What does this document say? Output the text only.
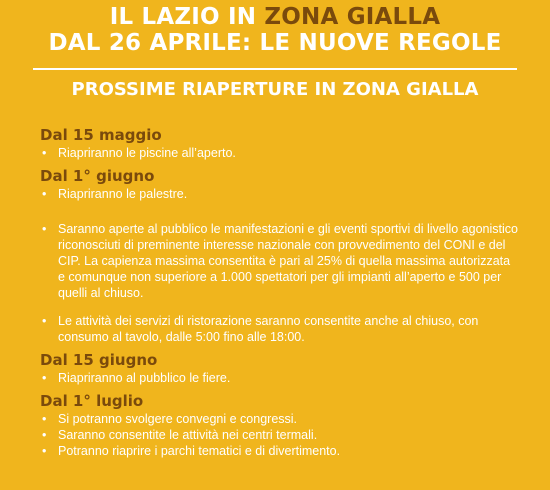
IL LAZIO IN ZONA GIALLA
DAL 26 APRILE: LE NUOVE REGOLE
PROSSIME RIAPERTURE IN ZONA GIALLA
Dal 15 maggio
• Riapriranno le piscine all’aperto.
Dal 1° giugno
• Riapriranno le palestre.
• Saranno aperte al pubblico le manifestazioni e gli eventi sportivi di livello agonistico riconosciuti di preminente interesse nazionale con provvedimento del CONI e del CIP. La capienza massima consentita è pari al 25% di quella massima autorizzata e comunque non superiore a 1.000 spettatori per gli impianti all’aperto e 500 per quelli al chiuso.
• Le attività dei servizi di ristorazione saranno consentite anche al chiuso, con consumo al tavolo, dalle 5:00 fino alle 18:00.
Dal 15 giugno
• Riapriranno al pubblico le fiere.
Dal 1° luglio
• Si potranno svolgere convegni e congressi.
• Saranno consentite le attività nei centri termali.
• Potranno riaprire i parchi tematici e di divertimento.
